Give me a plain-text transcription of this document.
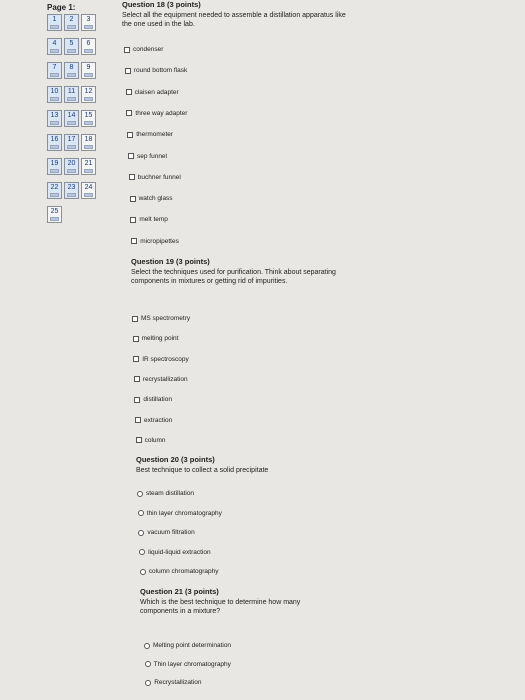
Page 1:
1	2	3
4	5	6
7	8	9
10	11	12
13	14	15
16	17	18
19	20	21
22	23	24
25
Question 18 (3 points)
Select all the equipment needed to assemble a distillation apparatus like the one used in the lab.
condenser
round bottom flask
claisen adapter
three way adapter
thermometer
sep funnel
buchner funnel
watch glass
melt temp
micropipettes
Question 19 (3 points)
Select the techniques used for purification. Think about separating components in mixtures or getting rid of impurities.
MS spectrometry
melting point
IR spectroscopy
recrystallization
distillation
extraction
column
Question 20 (3 points)
Best technique to collect a solid precipitate
steam distillation
thin layer chromatography
vacuum filtration
liquid-liquid extraction
column chromatography
Question 21 (3 points)
Which is the best technique to determine how many components in a mixture?
Melting point determination
Thin layer chromatography
Recrystallization
